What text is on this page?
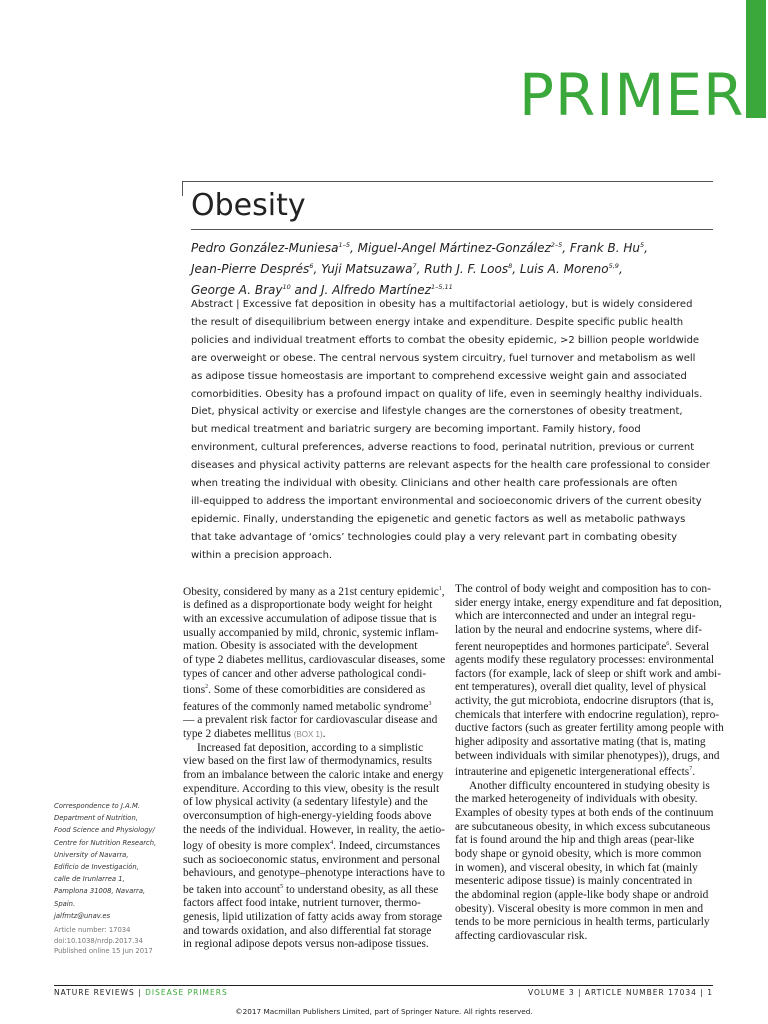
PRIMER
Obesity
Pedro González-Muniesa$^{1-5}$, Miguel-Angel Mártinez-González$^{2-5}$, Frank B. Hu$^5$,
Jean-Pierre Després$^6$, Yuji Matsuzawa$^7$, Ruth J. F. Loos$^8$, Luis A. Moreno$^{5,9}$,
George A. Bray$^{10}$ and J. Alfredo Martínez$^{1-5,11}$
Abstract | Excessive fat deposition in obesity has a multifactorial aetiology, but is widely considered
the result of disequilibrium between energy intake and expenditure. Despite specific public health
policies and individual treatment efforts to combat the obesity epidemic, >2 billion people worldwide
are overweight or obese. The central nervous system circuitry, fuel turnover and metabolism as well
as adipose tissue homeostasis are important to comprehend excessive weight gain and associated
comorbidities. Obesity has a profound impact on quality of life, even in seemingly healthy individuals.
Diet, physical activity or exercise and lifestyle changes are the cornerstones of obesity treatment,
but medical treatment and bariatric surgery are becoming important. Family history, food
environment, cultural preferences, adverse reactions to food, perinatal nutrition, previous or current
diseases and physical activity patterns are relevant aspects for the health care professional to consider
when treating the individual with obesity. Clinicians and other health care professionals are often
ill-equipped to address the important environmental and socioeconomic drivers of the current obesity
epidemic. Finally, understanding the epigenetic and genetic factors as well as metabolic pathways
that take advantage of ‘omics’ technologies could play a very relevant part in combating obesity
within a precision approach.
Obesity, considered by many as a 21st century epidemic$^1$,
is defined as a disproportionate body weight for height
with an excessive accumulation of adipose tissue that is
usually accompanied by mild, chronic, systemic inflam-
mation. Obesity is associated with the development
of type 2 diabetes mellitus, cardiovascular diseases, some
types of cancer and other adverse pathological condi-
tions$^2$. Some of these comorbidities are considered as
features of the commonly named metabolic syndrome$^3$
— a prevalent risk factor for cardiovascular disease and
type 2 diabetes mellitus (BOX 1).
Increased fat deposition, according to a simplistic
view based on the first law of thermodynamics, results
from an imbalance between the caloric intake and energy
expenditure. According to this view, obesity is the result
of low physical activity (a sedentary lifestyle) and the
overconsumption of high-energy-yielding foods above
the needs of the individual. However, in reality, the aetio-
logy of obesity is more complex$^4$. Indeed, circumstances
such as socioeconomic status, environment and personal
behaviours, and genotype–phenotype interactions have to
be taken into account$^5$ to understand obesity, as all these
factors affect food intake, nutrient turnover, thermo-
genesis, lipid utilization of fatty acids away from storage
and towards oxidation, and also differential fat storage
in regional adipose depots versus non-adipose tissues.
The control of body weight and composition has to con-
sider energy intake, energy expenditure and fat deposition,
which are interconnected and under an integral regu-
lation by the neural and endocrine systems, where dif-
ferent neuropeptides and hormones participate$^6$. Several
agents modify these regulatory processes: environmental
factors (for example, lack of sleep or shift work and ambi-
ent temperatures), overall diet quality, level of physical
activity, the gut microbiota, endocrine disruptors (that is,
chemicals that interfere with endocrine regulation), repro-
ductive factors (such as greater fertility among people with
higher adiposity and assortative mating (that is, mating
between individuals with similar phenotypes)), drugs, and
intrauterine and epigenetic intergenerational effects$^7$.
Another difficulty encountered in studying obesity is
the marked heterogeneity of individuals with obesity.
Examples of obesity types at both ends of the continuum
are subcutaneous obesity, in which excess subcutaneous
fat is found around the hip and thigh areas (pear-like
body shape or gynoid obesity, which is more common
in women), and visceral obesity, in which fat (mainly
mesenteric adipose tissue) is mainly concentrated in
the abdominal region (apple-like body shape or android
obesity). Visceral obesity is more common in men and
tends to be more pernicious in health terms, particularly
affecting cardiovascular risk.
Correspondence to J.A.M.
Department of Nutrition,
Food Science and Physiology/
Centre for Nutrition Research,
University of Navarra,
Edificio de Investigación,
calle de Irunlarrea 1,
Pamplona 31008, Navarra,
Spain.
jalfmtz@unav.es
Article number: 17034
doi:10.1038/nrdp.2017.34
Published online 15 Jun 2017
NATURE REVIEWS | DISEASE PRIMERS	VOLUME 3 | ARTICLE NUMBER 17034 | 1
©2017 Macmillan Publishers Limited, part of Springer Nature. All rights reserved.
